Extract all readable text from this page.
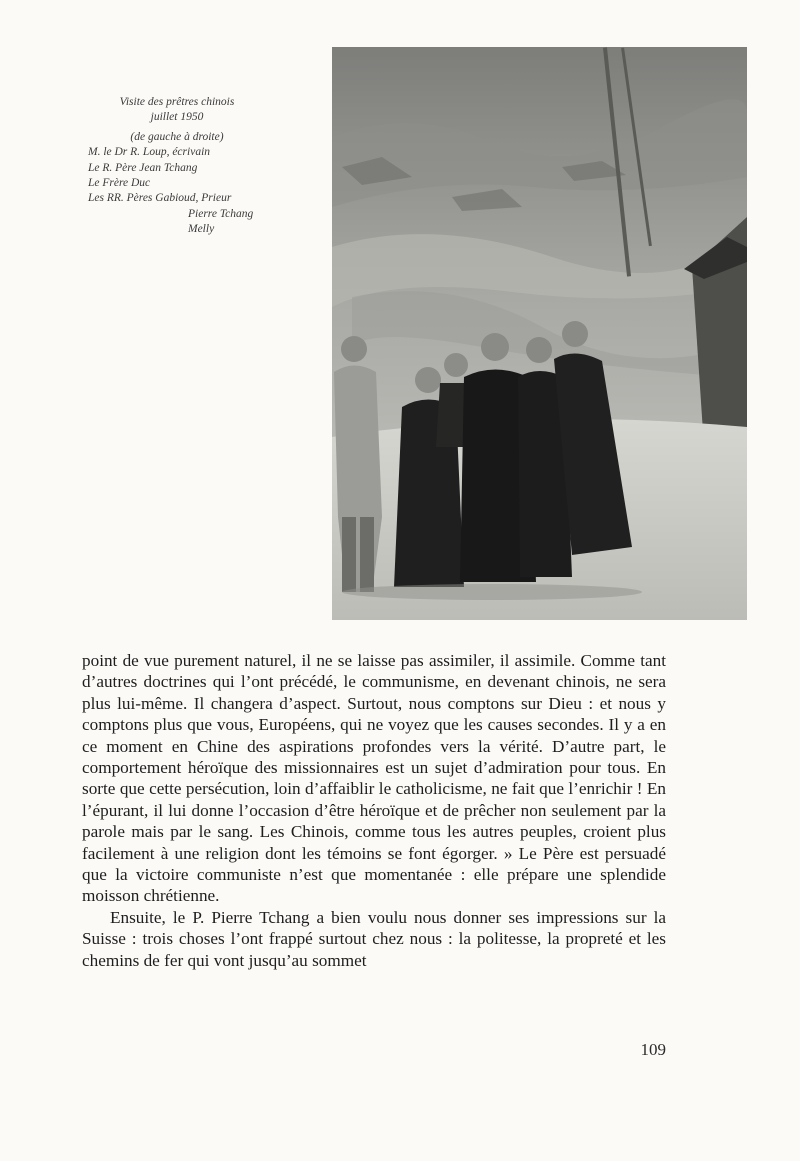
Visite des prêtres chinois
juillet 1950
(de gauche à droite)
M. le Dr R. Loup, écrivain
Le R. Père Jean Tchang
Le Frère Duc
Les RR. Pères Gabioud, Prieur
Pierre Tchang
Melly

point de vue purement naturel, il ne se laisse pas assimiler, il assimile. Comme tant d’autres doctrines qui l’ont précédé, le communisme, en devenant chinois, ne sera plus lui-même. Il changera d’aspect. Surtout, nous comptons sur Dieu : et nous y comptons plus que vous, Européens, qui ne voyez que les causes secondes. Il y a en ce moment en Chine des aspirations profondes vers la vérité. D’autre part, le comportement héroïque des missionnaires est un sujet d’admiration pour tous. En sorte que cette persécution, loin d’affaiblir le catholicisme, ne fait que l’enrichir ! En l’épurant, il lui donne l’occasion d’être héroïque et de prêcher non seulement par la parole mais par le sang. Les Chinois, comme tous les autres peuples, croient plus facilement à une religion dont les témoins se font égorger. » Le Père est persuadé que la victoire communiste n’est que momentanée : elle prépare une splendide moisson chrétienne.

Ensuite, le P. Pierre Tchang a bien voulu nous donner ses impressions sur la Suisse : trois choses l’ont frappé surtout chez nous : la politesse, la propreté et les chemins de fer qui vont jusqu’au sommet

109
